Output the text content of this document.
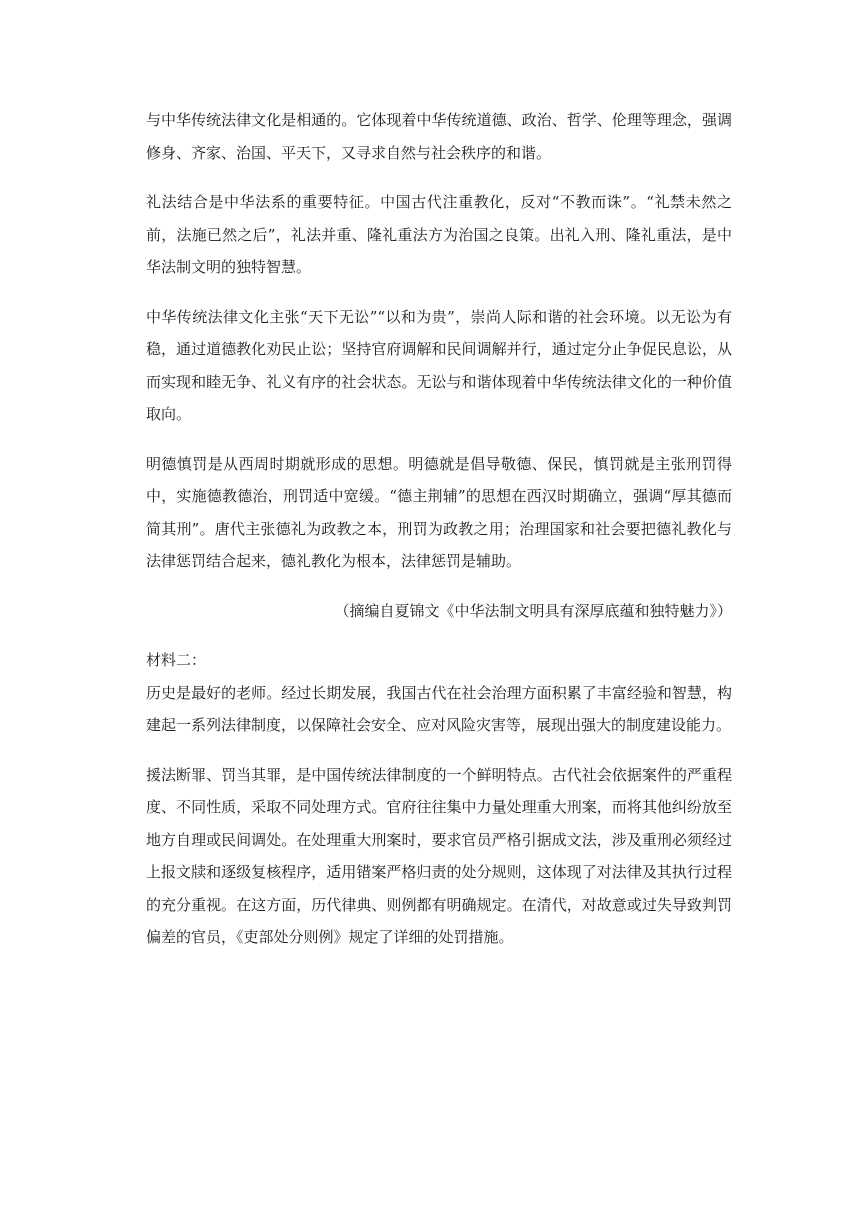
与中华传统法律文化是相通的。它体现着中华传统道德、政治、哲学、伦理等理念，强调修身、齐家、治国、平天下，又寻求自然与社会秩序的和谐。

礼法结合是中华法系的重要特征。中国古代注重教化，反对“不教而诛”。“礼禁未然之前，法施已然之后”，礼法并重、隆礼重法方为治国之良策。出礼入刑、隆礼重法，是中华法制文明的独特智慧。

中华传统法律文化主张“天下无讼”“以和为贵”，崇尚人际和谐的社会环境。以无讼为有稳，通过道德教化劝民止讼；坚持官府调解和民间调解并行，通过定分止争促民息讼，从而实现和睦无争、礼义有序的社会状态。无讼与和谐体现着中华传统法律文化的一种价值取向。

明德慎罚是从西周时期就形成的思想。明德就是倡导敬德、保民，慎罚就是主张刑罚得中，实施德教德治，刑罚适中宽缓。“德主荆辅”的思想在西汉时期确立，强调“厚其德而简其刑”。唐代主张德礼为政教之本，刑罚为政教之用；治理国家和社会要把德礼教化与法律惩罚结合起来，德礼教化为根本，法律惩罚是辅助。

（摘编自夏锦文《中华法制文明具有深厚底蕴和独特魅力》）

材料二：

历史是最好的老师。经过长期发展，我国古代在社会治理方面积累了丰富经验和智慧，构建起一系列法律制度，以保障社会安全、应对风险灾害等，展现出强大的制度建设能力。

援法断罪、罚当其罪，是中国传统法律制度的一个鲜明特点。古代社会依据案件的严重程度、不同性质，采取不同处理方式。官府往往集中力量处理重大刑案，而将其他纠纷放至地方自理或民间调处。在处理重大刑案时，要求官员严格引据成文法，涉及重刑必须经过上报文牍和逐级复核程序，适用错案严格归责的处分规则，这体现了对法律及其执行过程的充分重视。在这方面，历代律典、则例都有明确规定。在清代，对故意或过失导致判罚偏差的官员，《吏部处分则例》规定了详细的处罚措施。
